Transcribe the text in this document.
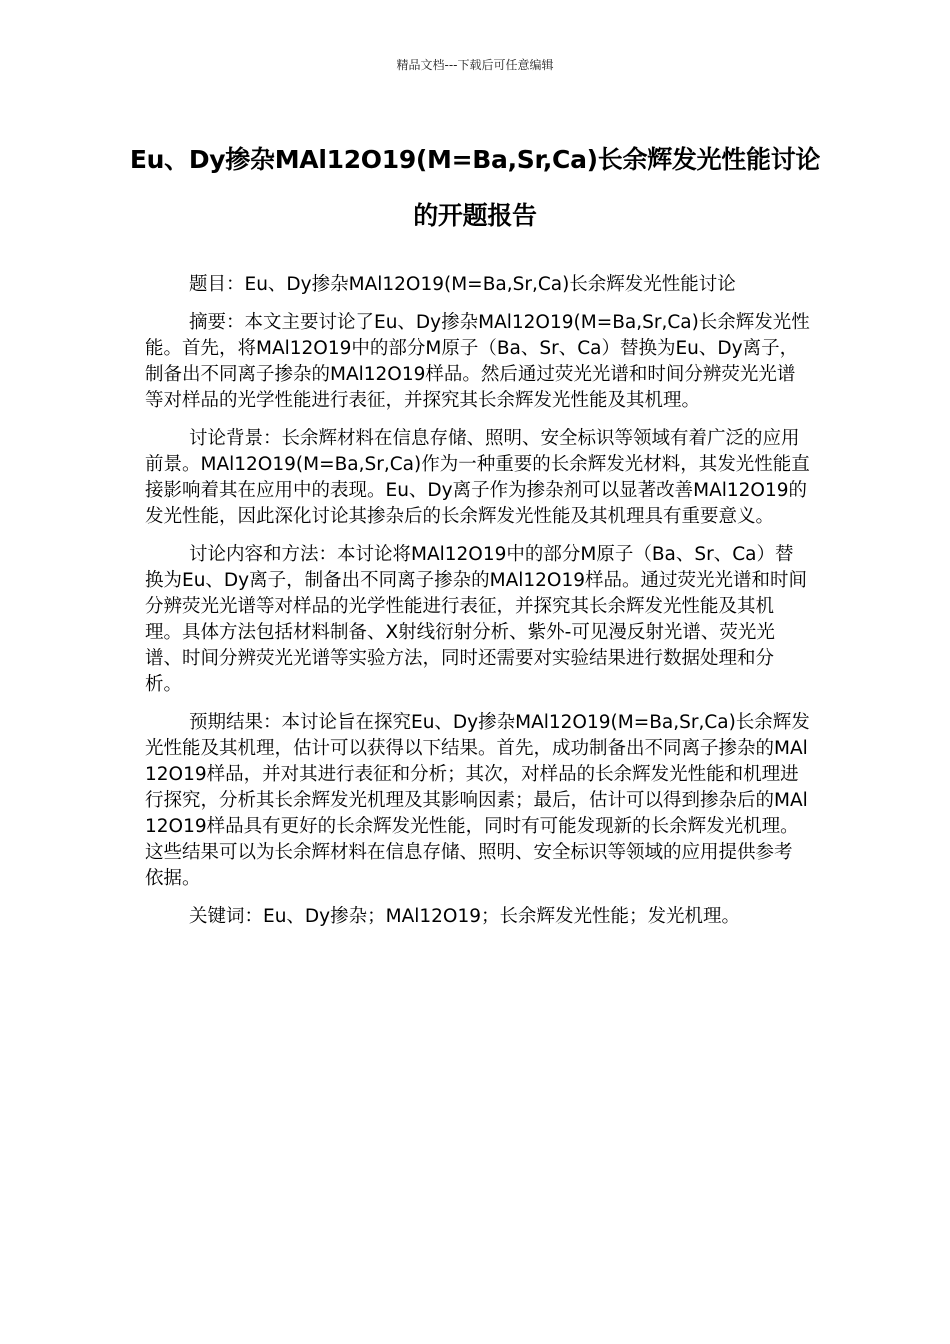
精品文档---下载后可任意编辑
Eu、Dy掺杂MAl12O19(M=Ba,Sr,Ca)长余辉发光性能讨论的开题报告

题目：Eu、Dy掺杂MAl12O19(M=Ba,Sr,Ca)长余辉发光性能讨论

摘要：本文主要讨论了Eu、Dy掺杂MAl12O19(M=Ba,Sr,Ca)长余辉发光性能。首先，将MAl12O19中的部分M原子（Ba、Sr、Ca）替换为Eu、Dy离子，制备出不同离子掺杂的MAl12O19样品。然后通过荧光光谱和时间分辨荧光光谱等对样品的光学性能进行表征，并探究其长余辉发光性能及其机理。

讨论背景：长余辉材料在信息存储、照明、安全标识等领域有着广泛的应用前景。MAl12O19(M=Ba,Sr,Ca)作为一种重要的长余辉发光材料，其发光性能直接影响着其在应用中的表现。Eu、Dy离子作为掺杂剂可以显著改善MAl12O19的发光性能，因此深化讨论其掺杂后的长余辉发光性能及其机理具有重要意义。

讨论内容和方法：本讨论将MAl12O19中的部分M原子（Ba、Sr、Ca）替换为Eu、Dy离子，制备出不同离子掺杂的MAl12O19样品。通过荧光光谱和时间分辨荧光光谱等对样品的光学性能进行表征，并探究其长余辉发光性能及其机理。具体方法包括材料制备、X射线衍射分析、紫外-可见漫反射光谱、荧光光谱、时间分辨荧光光谱等实验方法，同时还需要对实验结果进行数据处理和分析。

预期结果：本讨论旨在探究Eu、Dy掺杂MAl12O19(M=Ba,Sr,Ca)长余辉发光性能及其机理，估计可以获得以下结果。首先，成功制备出不同离子掺杂的MAl12O19样品，并对其进行表征和分析；其次，对样品的长余辉发光性能和机理进行探究，分析其长余辉发光机理及其影响因素；最后，估计可以得到掺杂后的MAl12O19样品具有更好的长余辉发光性能，同时有可能发现新的长余辉发光机理。这些结果可以为长余辉材料在信息存储、照明、安全标识等领域的应用提供参考依据。

关键词：Eu、Dy掺杂；MAl12O19；长余辉发光性能；发光机理。
